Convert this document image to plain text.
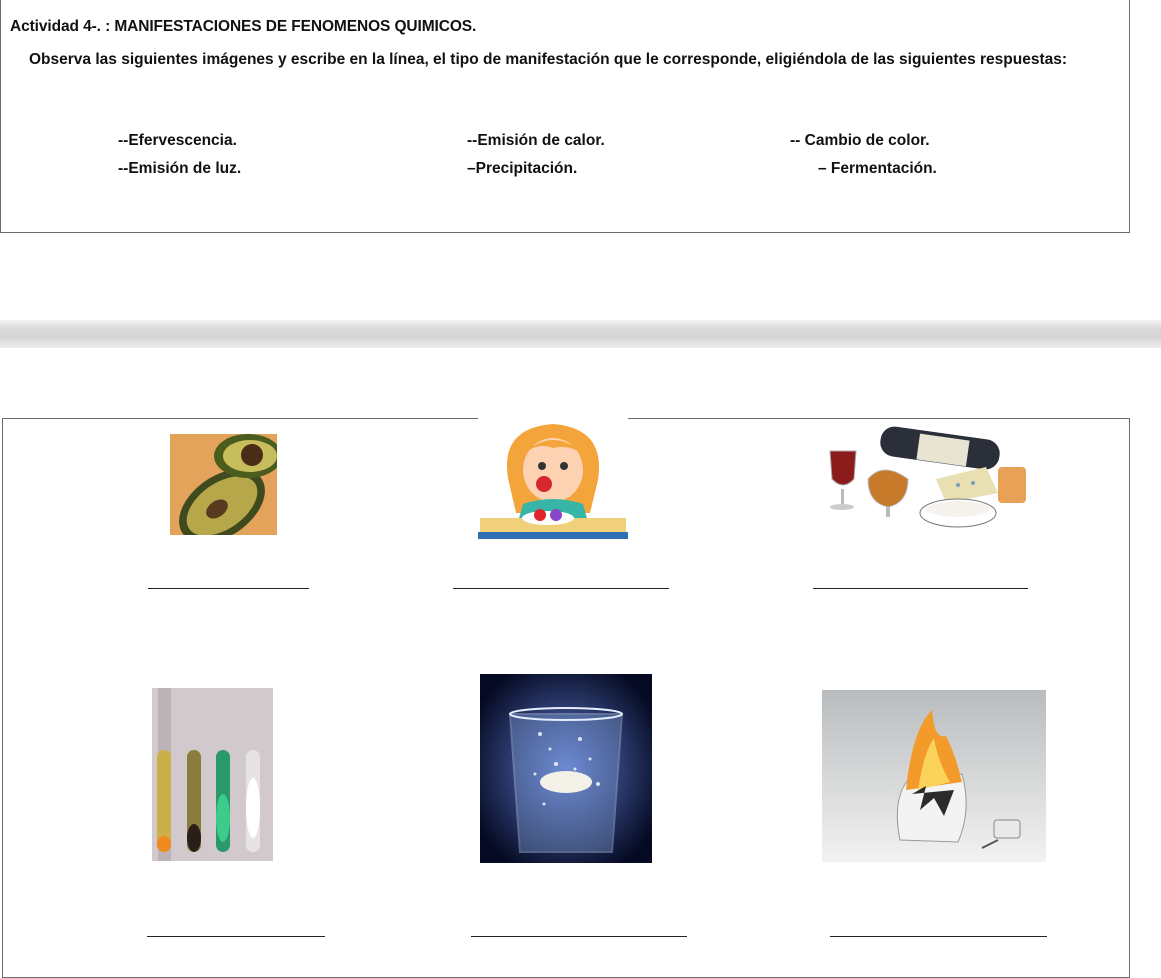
Actividad 4-. : MANIFESTACIONES DE FENOMENOS QUIMICOS.
Observa las siguientes imágenes y escribe en la línea, el tipo de manifestación que le corresponde, eligiéndola de las siguientes respuestas:
--Efervescencia.	--Emisión de calor.	-- Cambio de color.
--Emisión de luz.	–Precipitación.	– Fermentación.
